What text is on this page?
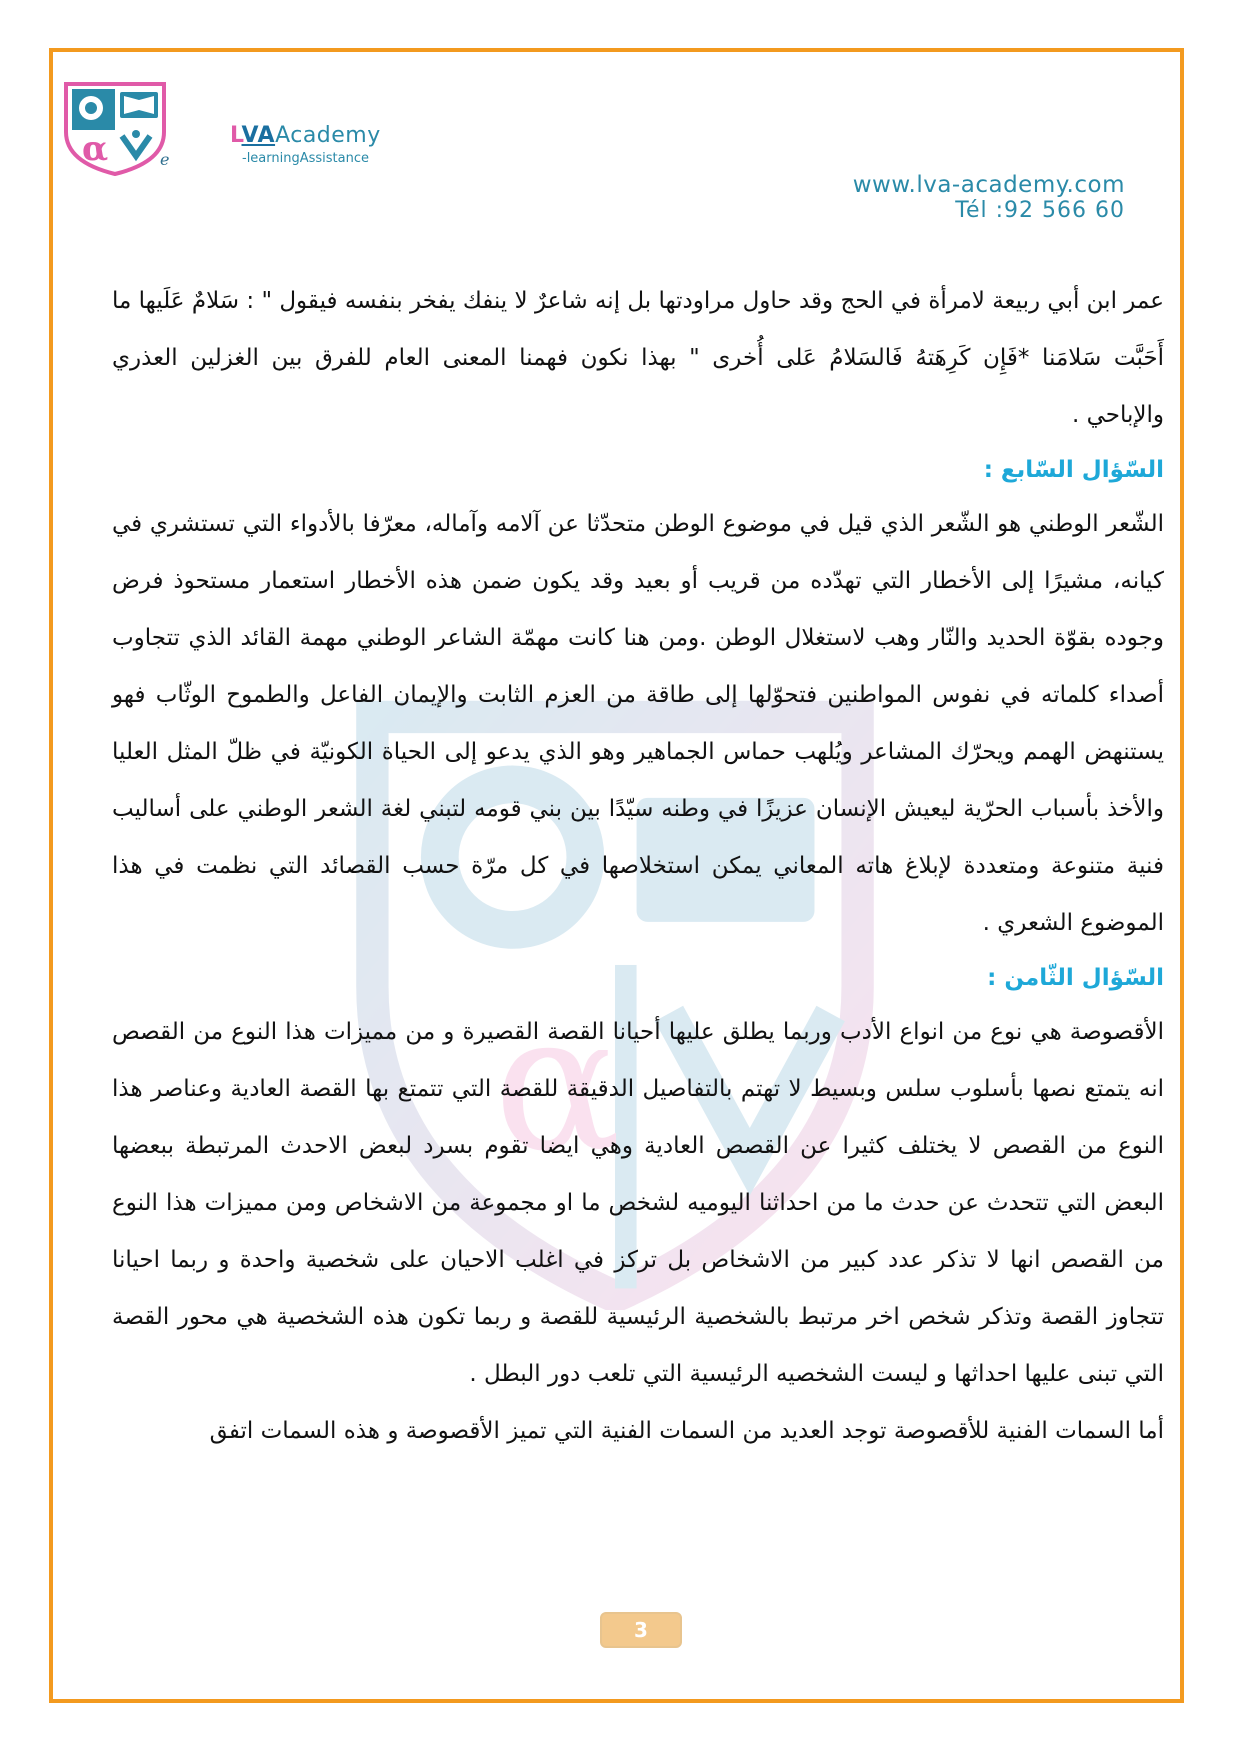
α
α	e
LVAAcademy
-learningAssistance
www.lva-academy.com
Tél :92 566 60

عمر ابن أبي ربيعة لامرأة في الحج وقد حاول مراودتها بل إنه شاعرٌ لا ينفك يفخر بنفسه فيقول " : سَلامٌ عَلَيها ما أَحَبَّت سَلامَنا *فَإِن كَرِهَتهُ فَالسَلامُ عَلى أُخرى " بهذا نكون فهمنا المعنى العام للفرق بين الغزلين العذري والإباحي .

السّؤال السّابع :

الشّعر الوطني هو الشّعر الذي قيل في موضوع الوطن متحدّثا عن آلامه وآماله، معرّفا بالأدواء التي تستشري في كيانه، مشيرًا إلى الأخطار التي تهدّده من قريب أو بعيد وقد يكون ضمن هذه الأخطار استعمار مستحوذ فرض وجوده بقوّة الحديد والنّار وهب لاستغلال الوطن .ومن هنا كانت مهمّة الشاعر الوطني مهمة القائد الذي تتجاوب أصداء كلماته في نفوس المواطنين فتحوّلها إلى طاقة من العزم الثابت والإيمان الفاعل والطموح الوثّاب فهو يستنهض الهمم ويحرّك المشاعر ويُلهب حماس الجماهير وهو الذي يدعو إلى الحياة الكونيّة في ظلّ المثل العليا والأخذ بأسباب الحرّية ليعيش الإنسان عزيزًا في وطنه سيّدًا بين بني قومه لتبني لغة الشعر الوطني على أساليب فنية متنوعة ومتعددة لإبلاغ هاته المعاني يمكن استخلاصها في كل مرّة حسب القصائد التي نظمت في هذا الموضوع الشعري .

السّؤال الثّامن :

الأقصوصة هي نوع من انواع الأدب وربما يطلق عليها أحيانا القصة القصيرة و من مميزات هذا النوع من القصص انه يتمتع نصها بأسلوب سلس وبسيط لا تهتم بالتفاصيل الدقيقة للقصة التي تتمتع بها القصة العادية وعناصر هذا النوع من القصص لا يختلف كثيرا عن القصص العادية وهي ايضا تقوم بسرد لبعض الاحدث المرتبطة ببعضها البعض التي تتحدث عن حدث ما من احداثنا اليوميه لشخص ما او مجموعة من الاشخاص ومن مميزات هذا النوع من القصص انها لا تذكر عدد كبير من الاشخاص بل تركز في اغلب الاحيان على شخصية واحدة و ربما احيانا تتجاوز القصة وتذكر شخص اخر مرتبط بالشخصية الرئيسية للقصة و ربما تكون هذه الشخصية هي محور القصة التي تبنى عليها احداثها و ليست الشخصيه الرئيسية التي تلعب دور البطل .

أما السمات الفنية للأقصوصة توجد العديد من السمات الفنية التي تميز الأقصوصة و هذه السمات اتفق

3
